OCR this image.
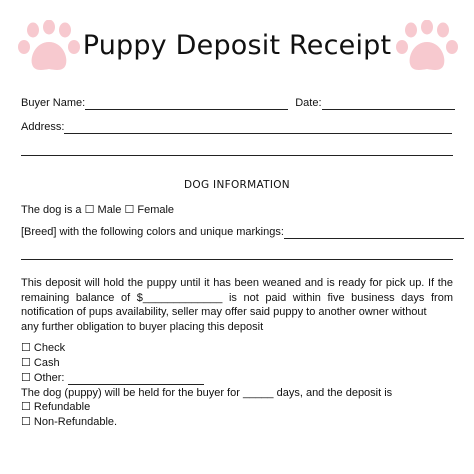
Puppy Deposit Receipt
Buyer Name:	Date:
Address:
DOG INFORMATION
The dog is a ☐ Male ☐ Female
[Breed] with the following colors and unique markings:
This deposit will hold the puppy until it has been weaned and is ready for pick up. If the remaining balance of $_____________ is not paid within five business days from notification of pups availability, seller may offer said puppy to another owner without
any further obligation to buyer placing this deposit
☐ Check
☐ Cash
☐ Other:
The dog (puppy) will be held for the buyer for _____ days, and the deposit is
☐ Refundable
☐ Non-Refundable.
